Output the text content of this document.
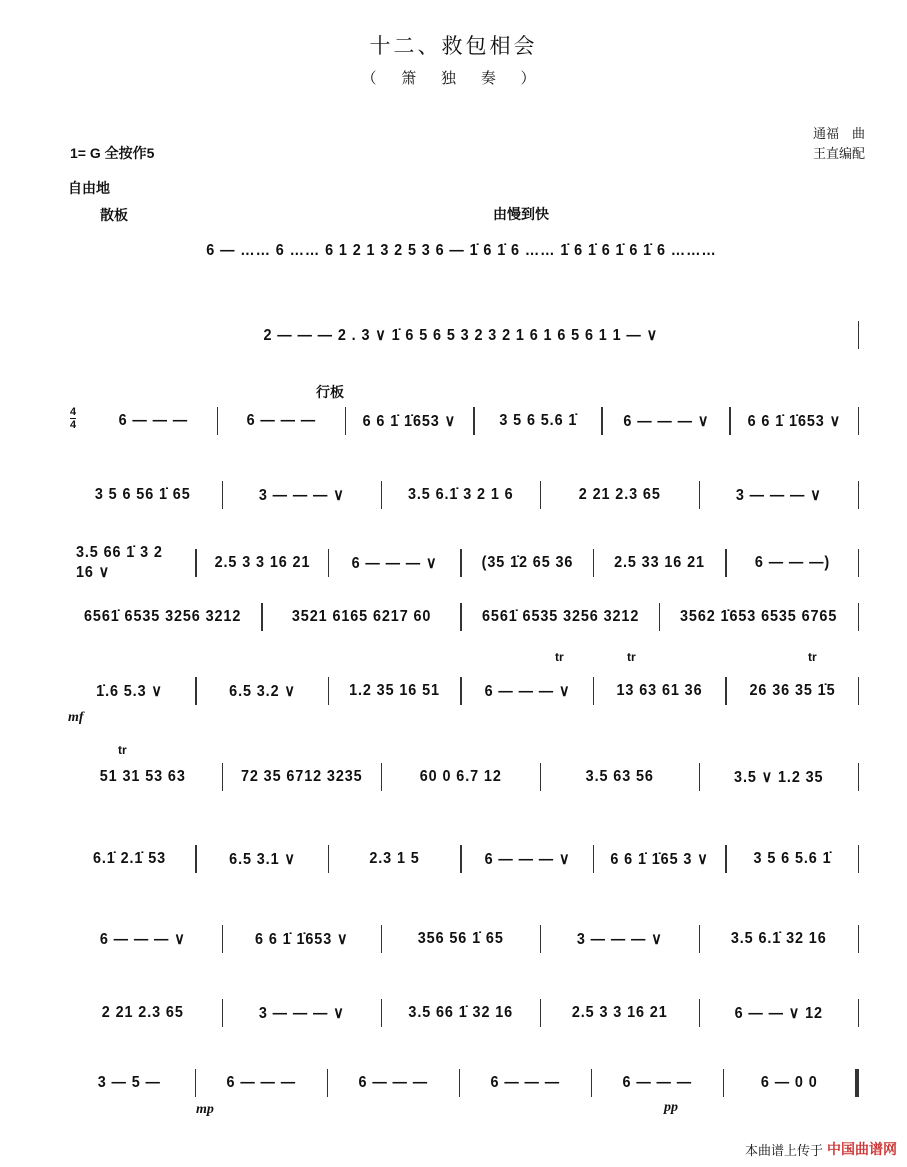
十二、救包相会
（ 箫 独 奏 ）
通福　曲
王直编配
1= G 全按作5
自由地
散板	由慢到快
行板
4
4
mf
mp	pp
tr	tr	tr
tr
6 — …… 6 …… 6 1 2 1 3 2 5 3 6 — 1̇ 6 1̇ 6 …… 1̇ 6 1̇ 6 1̇ 6 1̇ 6 ………
2 — — — 2 . 3 ∨ 1̇ 6 5 6 5 3 2 3 2 1 6 1 6 5 6 1 1 — ∨
6 — — —	6 — — —	6 6 1̇ 1̇653 ∨	3 5 6 5.6 1̇	6 — — — ∨	6 6 1̇ 1̇653 ∨
3 5 6 56 1̇ 65	3 — — — ∨	3.5 6.1̇ 3 2 1 6	2 21 2.3 65	3 — — — ∨
3.5 66 1̇ 3 2 16 ∨
2.5 3 3 16 21	6 — — — ∨	(35 1̇2 65 36	2.5 33 16 21	6 — — —)
6561̇ 6535 3256 3212	3521 6165 6217 60	6561̇ 6535 3256 3212	3562 1̇653 6535 6765
1̇.6 5.3 ∨	6.5 3.2 ∨	1.2 35 16 51	6 — — — ∨	13 63 61 36	26 36 35 1̇5
51 31 53 63	72 35 6712 3235	60 0 6.7 12	3.5 63 56	3.5 ∨ 1.2 35
6.1̇ 2.1̇ 53	6.5 3.1 ∨	2.3 1 5	6 — — — ∨	6 6 1̇ 1̇65 3 ∨	3 5 6 5.6 1̇
6 — — — ∨	6 6 1̇ 1̇653 ∨	356 56 1̇ 65	3 — — — ∨	3.5 6.1̇ 32 16
2 21 2.3 65	3 — — — ∨	3.5 66 1̇ 32 16	2.5 3 3 16 21	6 — — ∨ 12
3 — 5 —	6 — — —	6 — — —	6 — — —	6 — — —	6 — 0 0
本曲谱上传于 中国曲谱网
